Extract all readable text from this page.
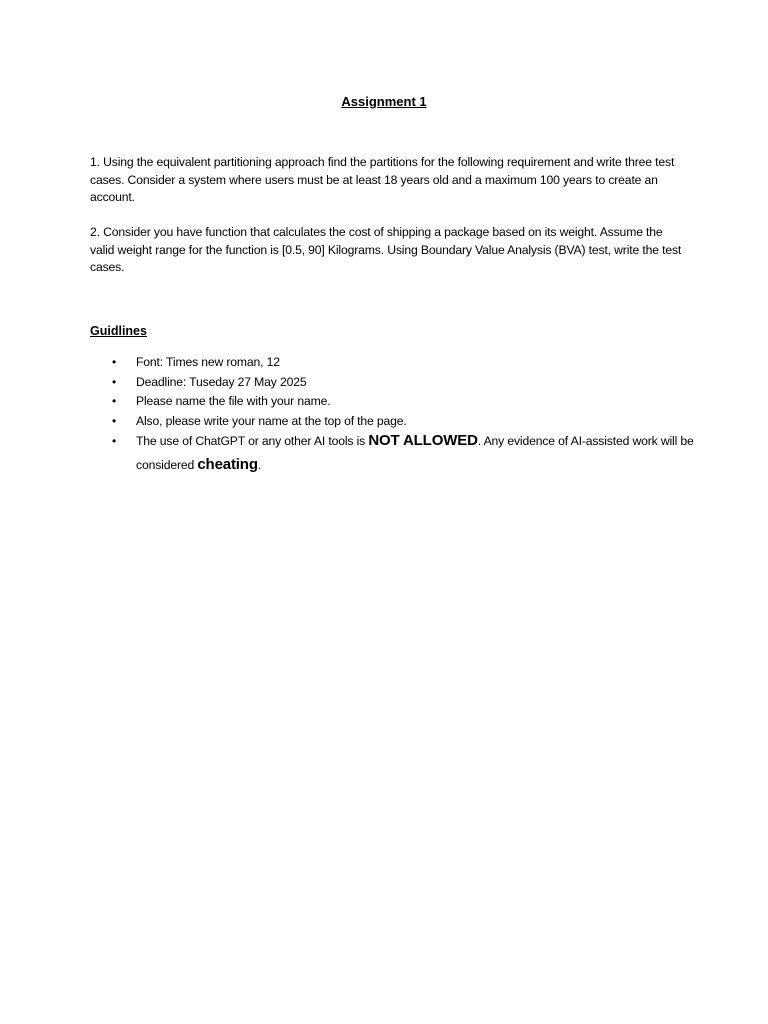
Assignment 1
1. Using the equivalent partitioning approach find the partitions for the following requirement and write three test cases. Consider a system where users must be at least 18 years old and a maximum 100 years to create an account.
2. Consider you have function that calculates the cost of shipping a package based on its weight. Assume the valid weight range for the function is [0.5, 90] Kilograms. Using Boundary Value Analysis (BVA) test, write the test cases.
Guidlines
• Font: Times new roman, 12
• Deadline: Tuseday 27 May 2025
• Please name the file with your name.
• Also, please write your name at the top of the page.
• The use of ChatGPT or any other AI tools is NOT ALLOWED. Any evidence of AI-assisted work will be considered cheating.
